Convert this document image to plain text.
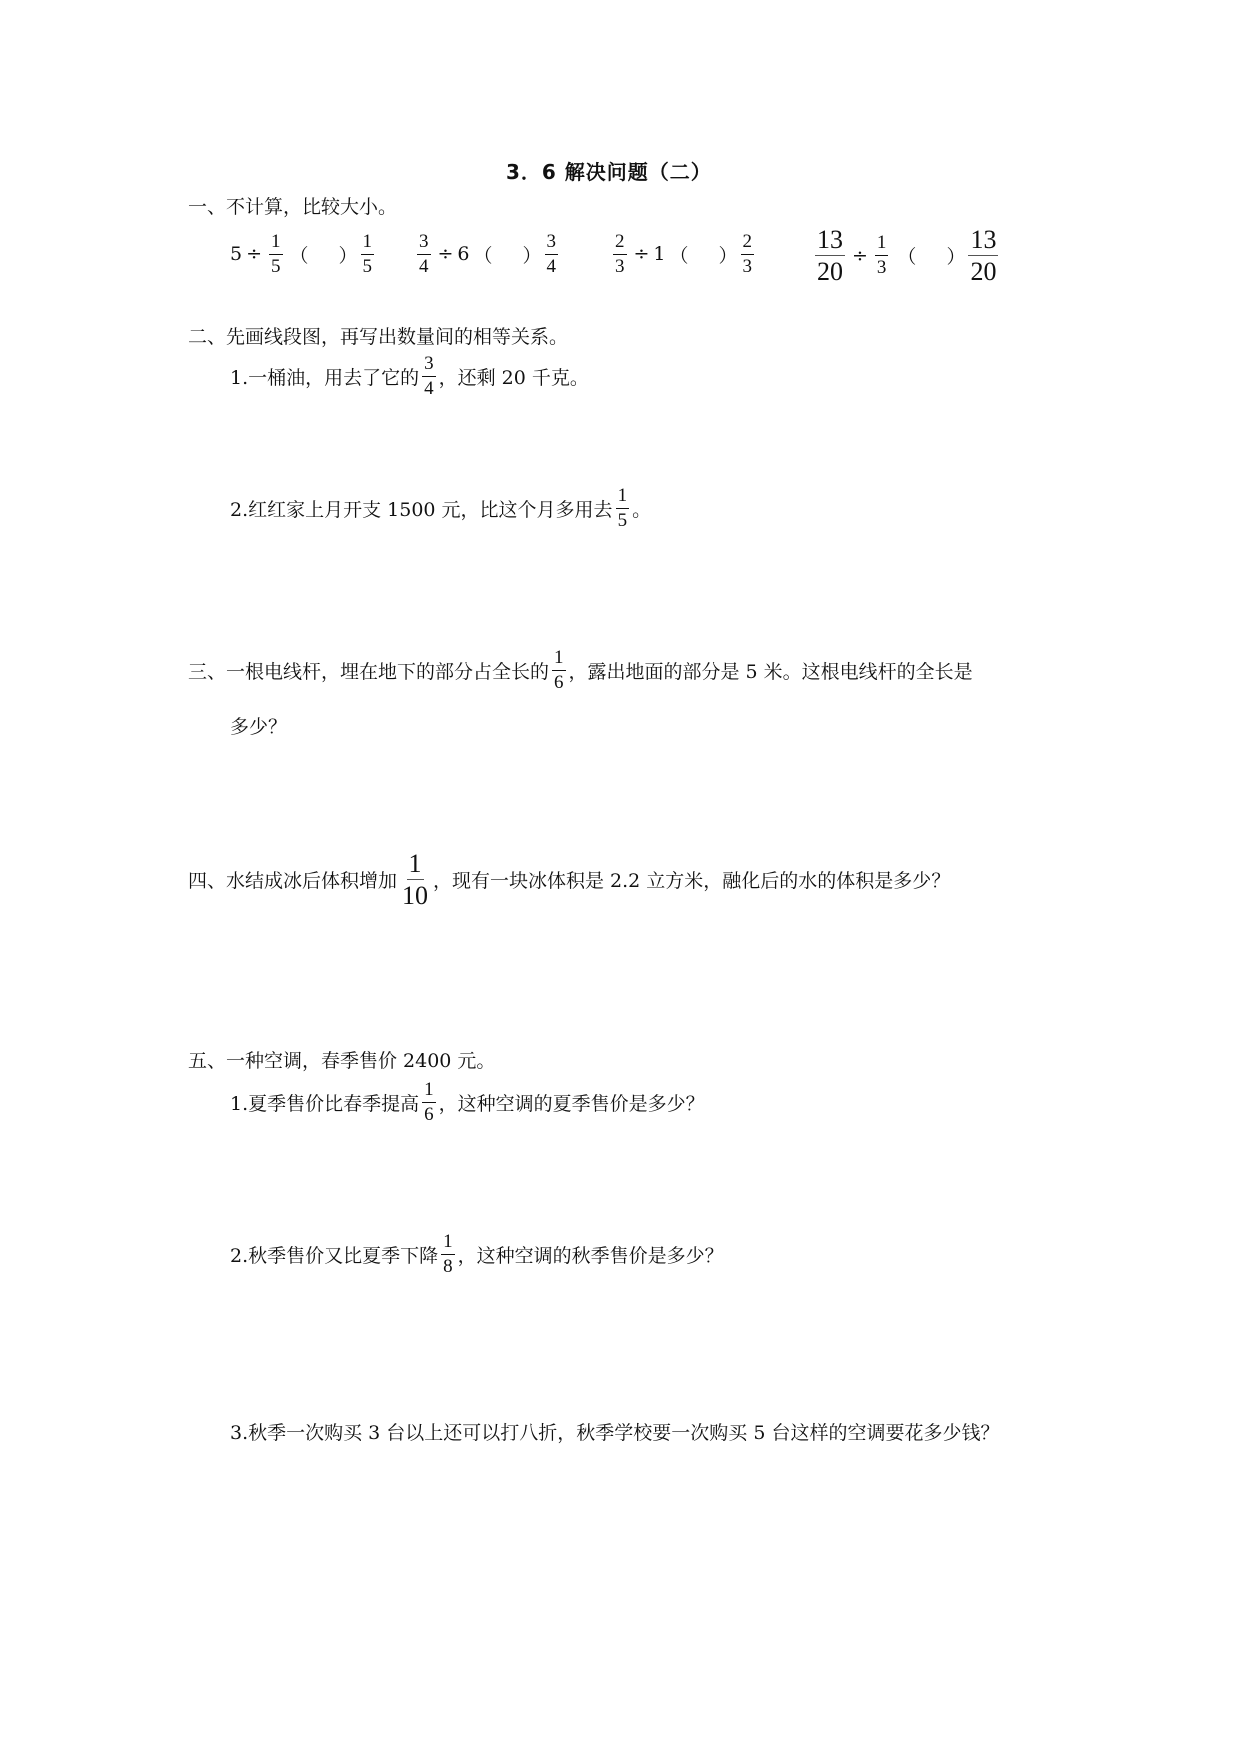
3．6 解决问题（二）
一、不计算，比较大小。
$5 \div \frac{1}{5}$ （ ） $\frac{1}{5} \frac{3}{4} \div 6$ （ ） $\frac{3}{4}$	$\frac{2}{3} \div 1$ （ ） $\frac{2}{3} \frac{13}{20} \div \frac{1}{3}$ （ ） $\frac{13}{20}$
二、先画线段图，再写出数量间的相等关系。
1.一桶油，用去了它的 $\frac{3}{4}$ ，还剩 20 千克。
2.红红家上月开支 1500 元，比这个月多用去 $\frac{1}{5}$ 。
三、一根电线杆，埋在地下的部分占全长的 $\frac{1}{6}$ ，露出地面的部分是 5 米。这根电线杆的全长是
多少？
四、水结成冰后体积增加 $\frac{1}{10}$ ，现有一块冰体积是 2.2 立方米，融化后的水的体积是多少？
五、一种空调，春季售价 2400 元。
1.夏季售价比春季提高 $\frac{1}{6}$ ，这种空调的夏季售价是多少？
2.秋季售价又比夏季下降 $\frac{1}{8}$ ，这种空调的秋季售价是多少？
3.秋季一次购买 3 台以上还可以打八折，秋季学校要一次购买 5 台这样的空调要花多少钱？
